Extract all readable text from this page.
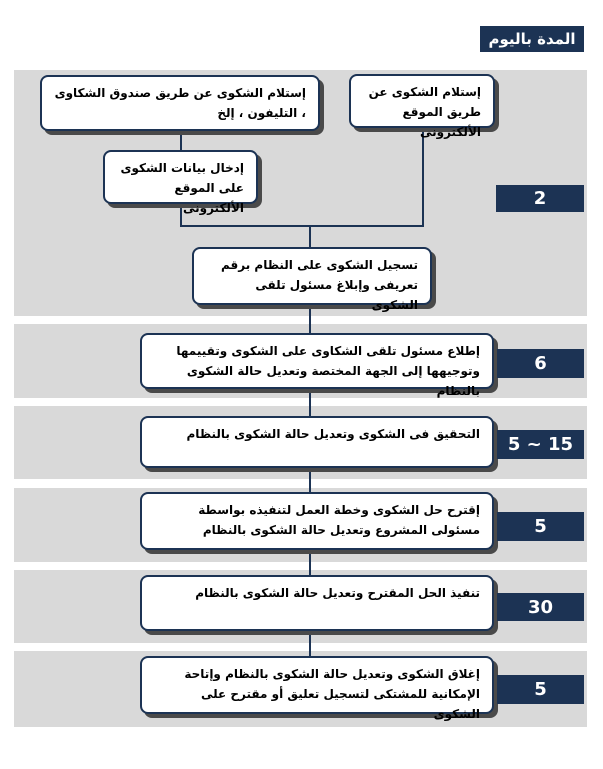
المدة باليوم
إستلام الشكوى عن طريق صندوق الشكاوى ، التليفون ، إلخ
إستلام الشكوى عن طريق الموقع الألكترونى
إدخال بيانات الشكوى على الموقع الألكترونى
تسجيل الشكوى على النظام برقم تعريفى وإبلاغ مسئول تلقى الشكوى
إطلاع مسئول تلقى الشكاوى على الشكوى وتقييمها وتوجيهها إلى الجهة المختصة وتعديل حالة الشكوى بالنظام
التحقيق فى الشكوى وتعديل حالة الشكوى بالنظام
إقترح حل الشكوى وخطة العمل لتنفيذه بواسطة مسئولى المشروع وتعديل حالة الشكوى بالنظام
تنفيذ الحل المقترح وتعديل حالة الشكوى بالنظام
إغلاق الشكوى وتعديل حالة الشكوى بالنظام وإتاحة الإمكانية للمشتكى لتسجيل تعليق أو مقترح على الشكوى
2
6
5 ~ 15
5
30
5
